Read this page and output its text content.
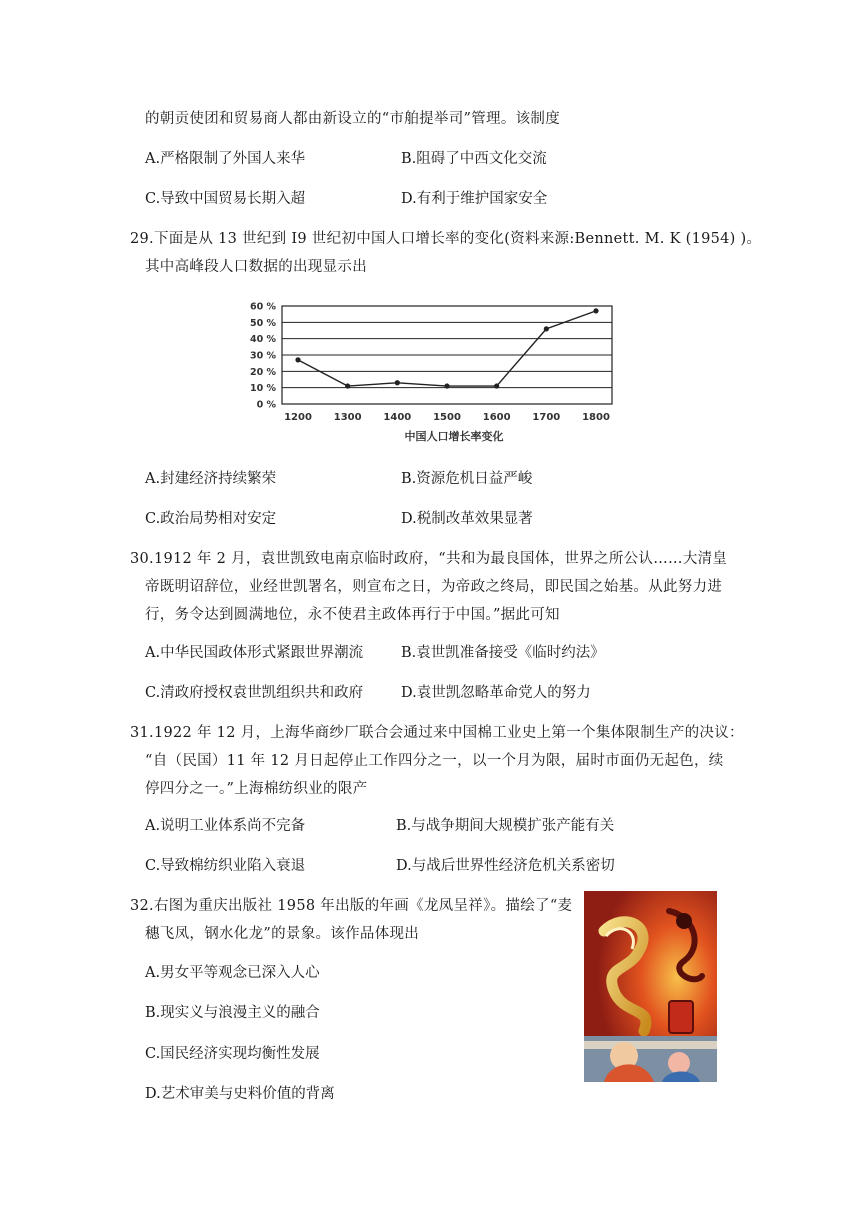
的朝贡使团和贸易商人都由新设立的“市舶提举司”管理。该制度
A.严格限制了外国人来华	B.阻碍了中西文化交流
C.导致中国贸易长期入超	D.有利于维护国家安全
29.下面是从 13 世纪到 I9 世纪初中国人口增长率的变化(资料来源:Bennett. M. K (1954) )。
其中高峰段人口数据的出现显示出
0 %
10 %
20 %
30 %
40 %
50 %
60 %
1200 1300 1400 1500 1600 1700 1800
中国人口增长率变化
A.封建经济持续繁荣	B.资源危机日益严峻
C.政治局势相对安定	D.税制改革效果显著
30.1912 年 2 月，袁世凯致电南京临时政府，“共和为最良国体，世界之所公认……大清皇
帝既明诏辞位，业经世凯署名，则宣布之日，为帝政之终局，即民国之始基。从此努力进
行，务令达到圆满地位，永不使君主政体再行于中国。”据此可知
A.中华民国政体形式紧跟世界潮流	B.袁世凯准备接受《临时约法》
C.清政府授权袁世凯组织共和政府	D.袁世凯忽略革命党人的努力
31.1922 年 12 月，上海华商纱厂联合会通过来中国棉工业史上第一个集体限制生产的决议：
“自（民国）11 年 12 月日起停止工作四分之一，以一个月为限，届时市面仍无起色，续
停四分之一。”上海棉纺织业的限产
A.说明工业体系尚不完备	B.与战争期间大规模扩张产能有关
C.导致棉纺织业陷入衰退	D.与战后世界性经济危机关系密切
32.右图为重庆出版社 1958 年出版的年画《龙凤呈祥》。描绘了“麦
穗飞凤，钢水化龙”的景象。该作品体现出
A.男女平等观念已深入人心
B.现实义与浪漫主义的融合
C.国民经济实现均衡性发展
D.艺术审美与史料价值的背离
